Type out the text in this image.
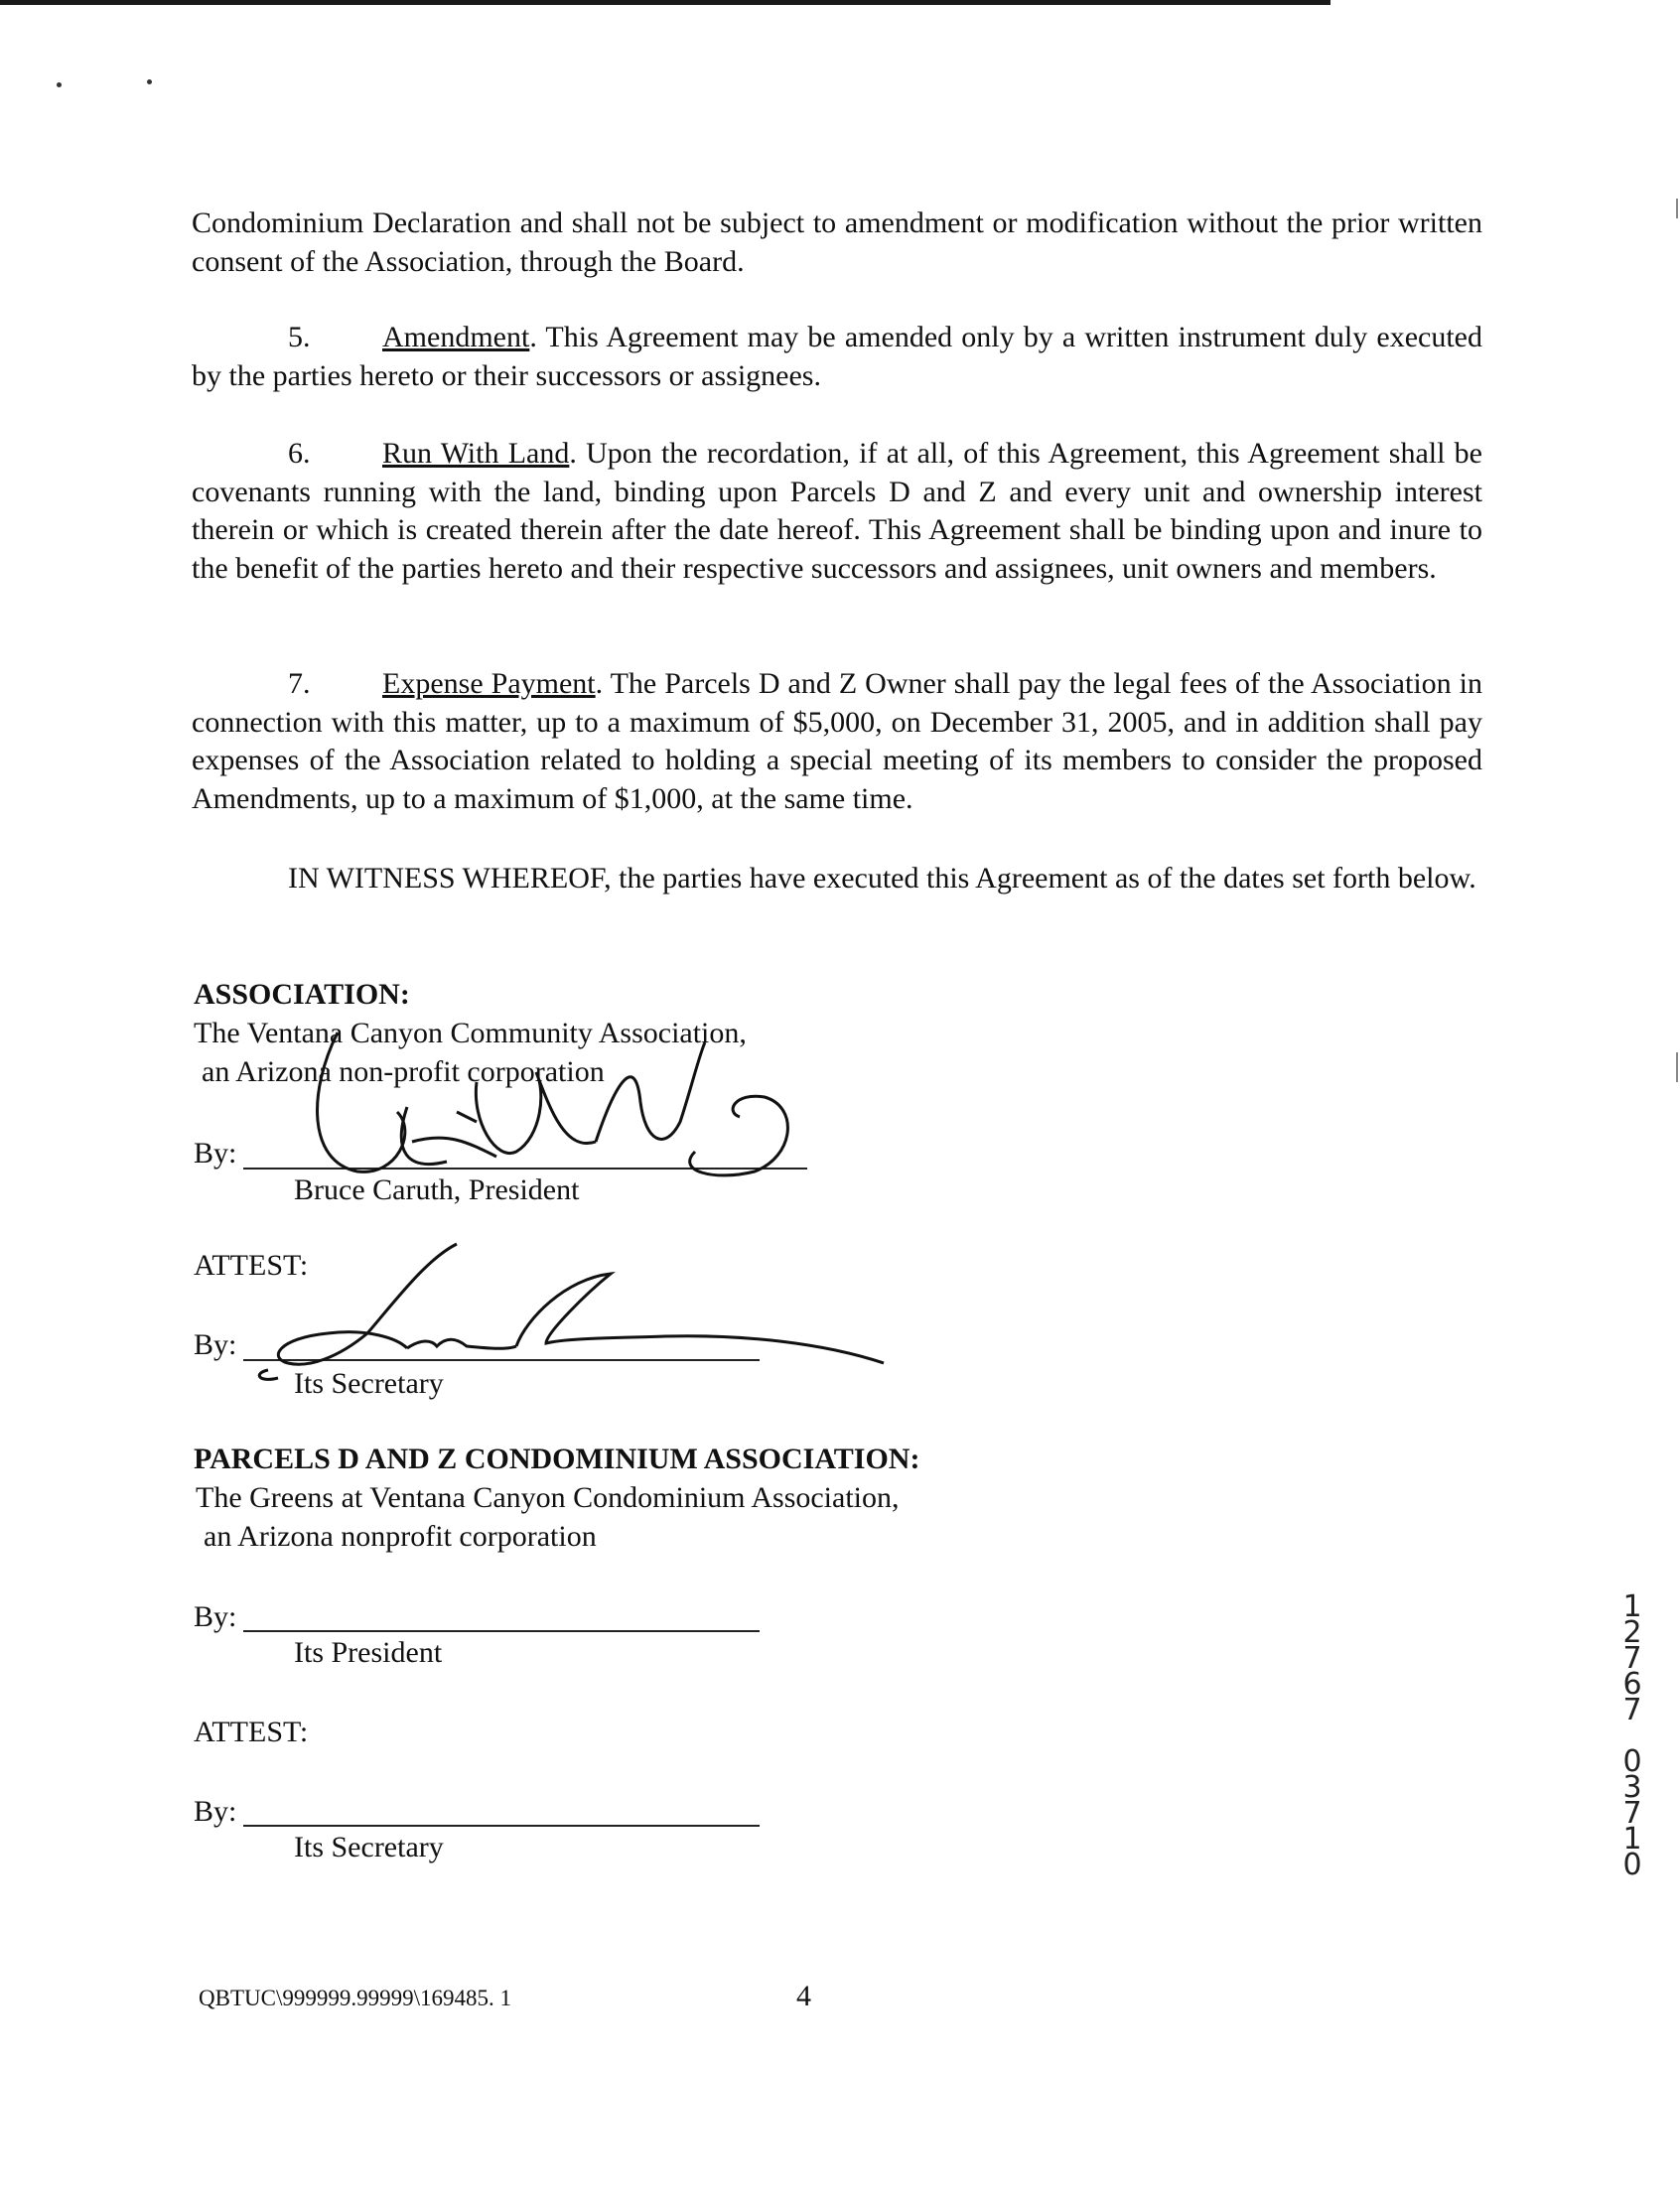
Condominium Declaration and shall not be subject to amendment or modification without the prior written consent of the Association, through the Board.

5. Amendment. This Agreement may be amended only by a written instrument duly executed by the parties hereto or their successors or assignees.

6. Run With Land. Upon the recordation, if at all, of this Agreement, this Agreement shall be covenants running with the land, binding upon Parcels D and Z and every unit and ownership interest therein or which is created therein after the date hereof. This Agreement shall be binding upon and inure to the benefit of the parties hereto and their respective successors and assignees, unit owners and members.

7. Expense Payment. The Parcels D and Z Owner shall pay the legal fees of the Association in connection with this matter, up to a maximum of $5,000, on December 31, 2005, and in addition shall pay expenses of the Association related to holding a special meeting of its members to consider the proposed Amendments, up to a maximum of $1,000, at the same time.

IN WITNESS WHEREOF, the parties have executed this Agreement as of the dates set forth below.

ASSOCIATION:
The Ventana Canyon Community Association,
an Arizona non-profit corporation
By:
Bruce Caruth, President
ATTEST:
By:
Its Secretary
PARCELS D AND Z CONDOMINIUM ASSOCIATION:
The Greens at Ventana Canyon Condominium Association,
an Arizona nonprofit corporation
By:
Its President
ATTEST:
By:
Its Secretary
1
2
7
6
7
0
3
7
1
0
QBTUC\999999.99999\169485. 1	4
